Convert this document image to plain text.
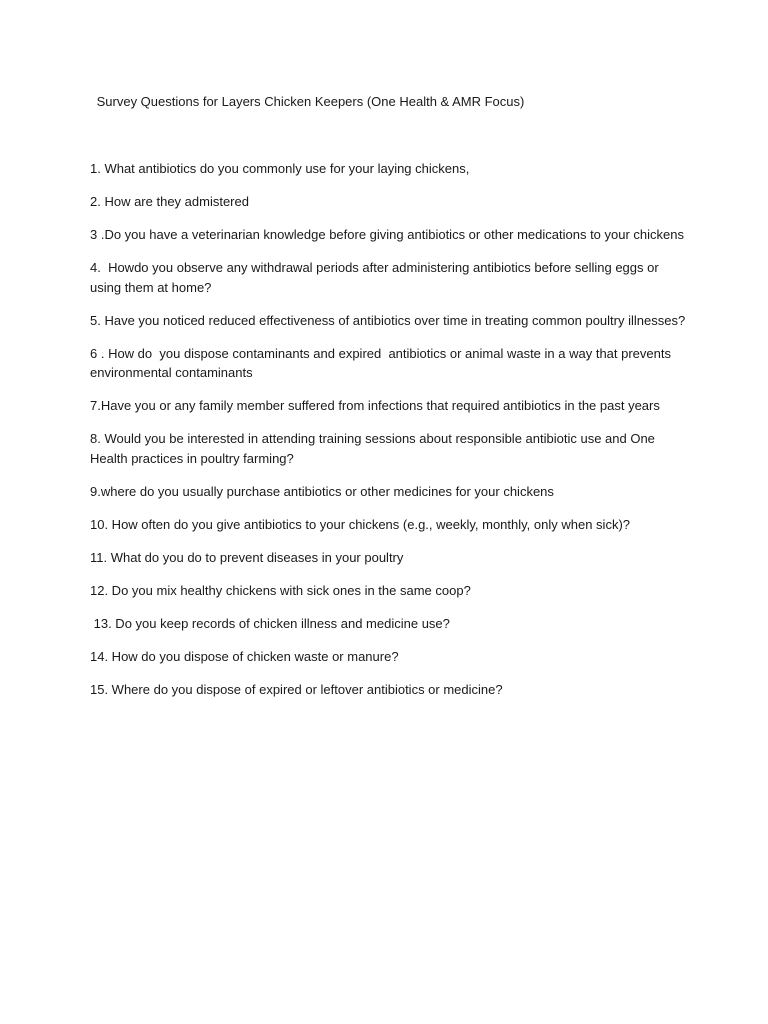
Survey Questions for Layers Chicken Keepers (One Health & AMR Focus)
1. What antibiotics do you commonly use for your laying chickens,
2. How are they admistered
3 .Do you have a veterinarian knowledge before giving antibiotics or other medications to your chickens
4.  Howdo you observe any withdrawal periods after administering antibiotics before selling eggs or using them at home?
5. Have you noticed reduced effectiveness of antibiotics over time in treating common poultry illnesses?
6 . How do  you dispose contaminants and expired  antibiotics or animal waste in a way that prevents environmental contaminants
7.Have you or any family member suffered from infections that required antibiotics in the past years
8. Would you be interested in attending training sessions about responsible antibiotic use and One Health practices in poultry farming?
9.where do you usually purchase antibiotics or other medicines for your chickens
10. How often do you give antibiotics to your chickens (e.g., weekly, monthly, only when sick)?
11. What do you do to prevent diseases in your poultry
12. Do you mix healthy chickens with sick ones in the same coop?
13. Do you keep records of chicken illness and medicine use?
14. How do you dispose of chicken waste or manure?
15. Where do you dispose of expired or leftover antibiotics or medicine?
